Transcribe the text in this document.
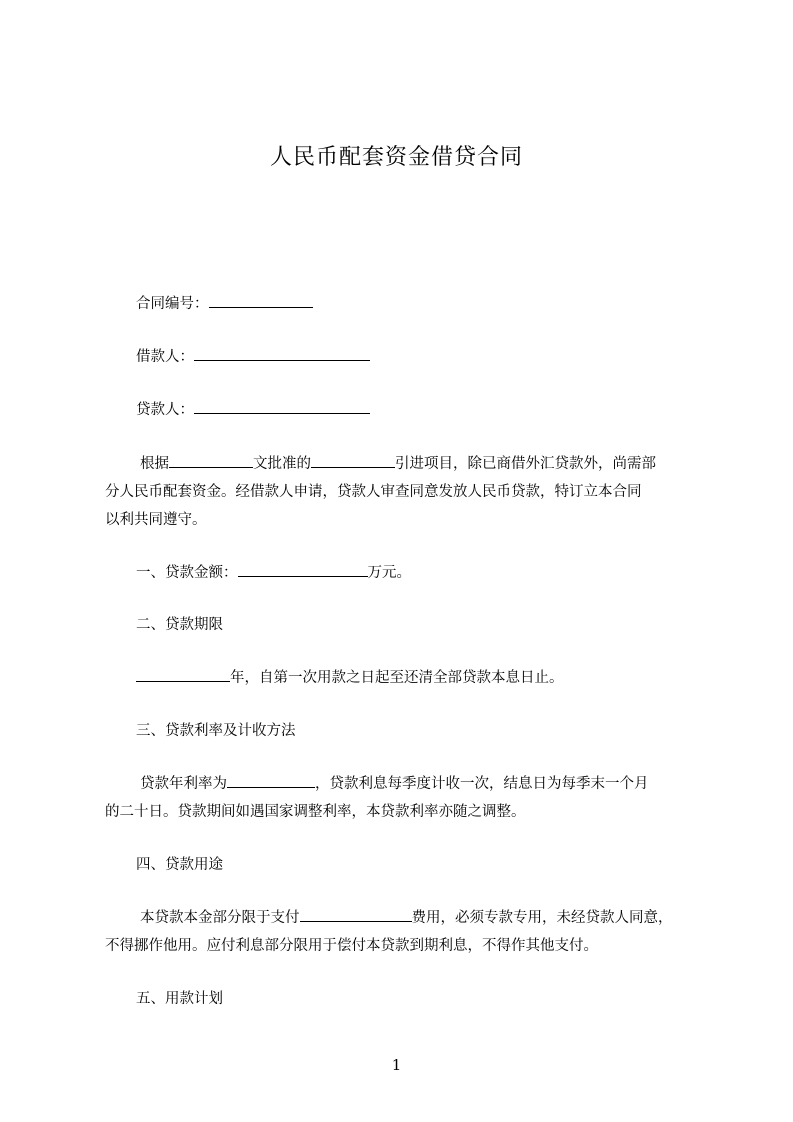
人民币配套资金借贷合同
合同编号：
借款人：
贷款人：
根据	文批准的	引进项目，除已商借外汇贷款外，尚需部
分人民币配套资金。经借款人申请，贷款人审查同意发放人民币贷款，特订立本合同
以利共同遵守。
一、贷款金额：	万元。
二、贷款期限
年，自第一次用款之日起至还清全部贷款本息日止。
三、贷款利率及计收方法
贷款年利率为	，贷款利息每季度计收一次，结息日为每季末一个月
的二十日。贷款期间如遇国家调整利率，本贷款利率亦随之调整。
四、贷款用途
本贷款本金部分限于支付	费用，必须专款专用，未经贷款人同意，
不得挪作他用。应付利息部分限用于偿付本贷款到期利息，不得作其他支付。
五、用款计划
1
